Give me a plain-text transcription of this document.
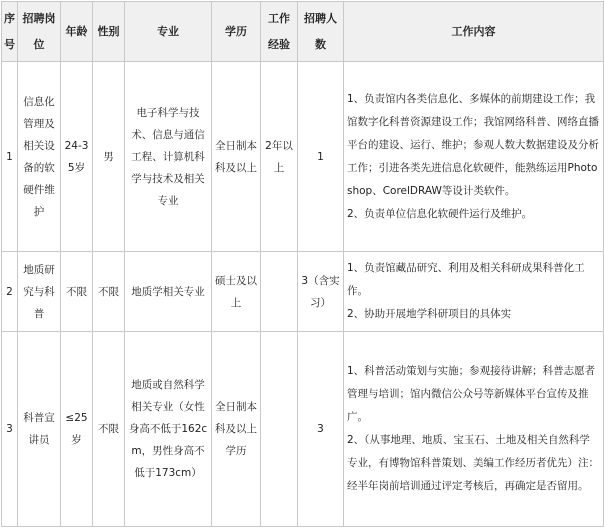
序号	招聘岗位	年龄	性别	专业	学历	工作经验	招聘人数	工作内容
1	信息化管理及相关设备的软硬件维护	24-35岁	男	电子科学与技术、信息与通信工程、计算机科学与技术及相关专业	全日制本科及以上	2年以上	1	1、负责馆内各类信息化、多媒体的前期建设工作；我馆数字化科普资源建设工作；我馆网络科普、网络直播平台的建设、运行、维护；参观人数大数据建设及分析工作；引进各类先进信息化软硬件，能熟练运用Photoshop、CorelDRAW等设计类软件。
2、负责单位信息化软硬件运行及维护。

2	地质研究与科普	不限	不限	地质学相关专业	硕士及以上		3（含实习）	1、负责馆藏品研究、利用及相关科研成果科普化工作。
2、协助开展地学科研项目的具体实

3	科普宣讲员	≤25岁	不限	地质或自然科学相关专业（女性身高不低于162cm，男性身高不低于173cm）	全日制本科及以上学历		3	1、科普活动策划与实施；参观接待讲解；科普志愿者管理与培训；馆内微信公众号等新媒体平台宣传及推广。
2、（从事地理、地质、宝玉石、土地及相关自然科学专业，有博物馆科普策划、美编工作经历者优先）注：经半年岗前培训通过评定考核后，再确定是否留用。
